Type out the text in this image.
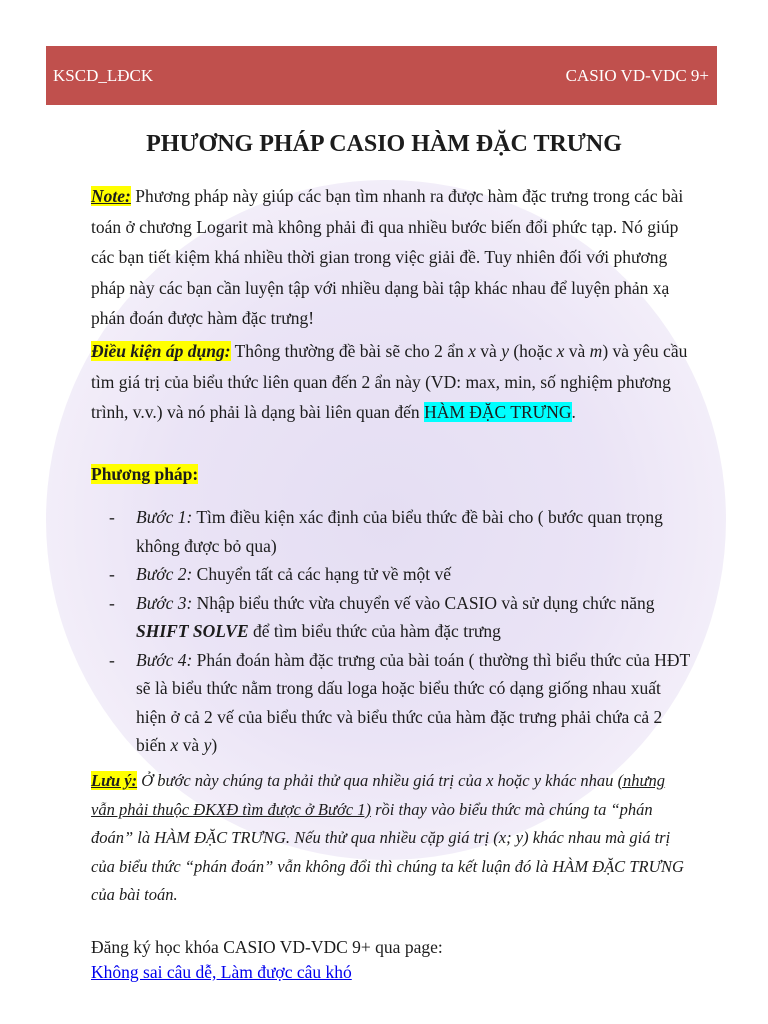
KSCD_LĐCK	CASIO VD-VDC 9+
PHƯƠNG PHÁP CASIO HÀM ĐẶC TRƯNG

Note: Phương pháp này giúp các bạn tìm nhanh ra được hàm đặc trưng trong các bài toán ở chương Logarit mà không phải đi qua nhiều bước biến đổi phức tạp. Nó giúp các bạn tiết kiệm khá nhiều thời gian trong việc giải đề. Tuy nhiên đối với phương pháp này các bạn cần luyện tập với nhiều dạng bài tập khác nhau để luyện phản xạ phán đoán được hàm đặc trưng!

Điều kiện áp dụng: Thông thường đề bài sẽ cho 2 ẩn x và y (hoặc x và m) và yêu cầu tìm giá trị của biểu thức liên quan đến 2 ẩn này (VD: max, min, số nghiệm phương trình, v.v.) và nó phải là dạng bài liên quan đến HÀM ĐẶC TRƯNG.

Phương pháp:

- Bước 1: Tìm điều kiện xác định của biểu thức đề bài cho ( bước quan trọng không được bỏ qua)
- Bước 2: Chuyển tất cả các hạng tử về một vế
- Bước 3: Nhập biểu thức vừa chuyển vế vào CASIO và sử dụng chức năng SHIFT SOLVE để tìm biểu thức của hàm đặc trưng
- Bước 4: Phán đoán hàm đặc trưng của bài toán ( thường thì biểu thức của HĐT sẽ là biểu thức nằm trong dấu loga hoặc biểu thức có dạng giống nhau xuất hiện ở cả 2 vế của biểu thức và biểu thức của hàm đặc trưng phải chứa cả 2 biến x và y)

Lưu ý: Ở bước này chúng ta phải thử qua nhiều giá trị của x hoặc y khác nhau (nhưng vẫn phải thuộc ĐKXĐ tìm được ở Bước 1) rồi thay vào biểu thức mà chúng ta “phán đoán” là HÀM ĐẶC TRƯNG. Nếu thử qua nhiều cặp giá trị (x; y) khác nhau mà giá trị của biểu thức “phán đoán” vẫn không đổi thì chúng ta kết luận đó là HÀM ĐẶC TRƯNG của bài toán.

Đăng ký học khóa CASIO VD-VDC 9+ qua page:
Không sai câu dễ, Làm được câu khó
